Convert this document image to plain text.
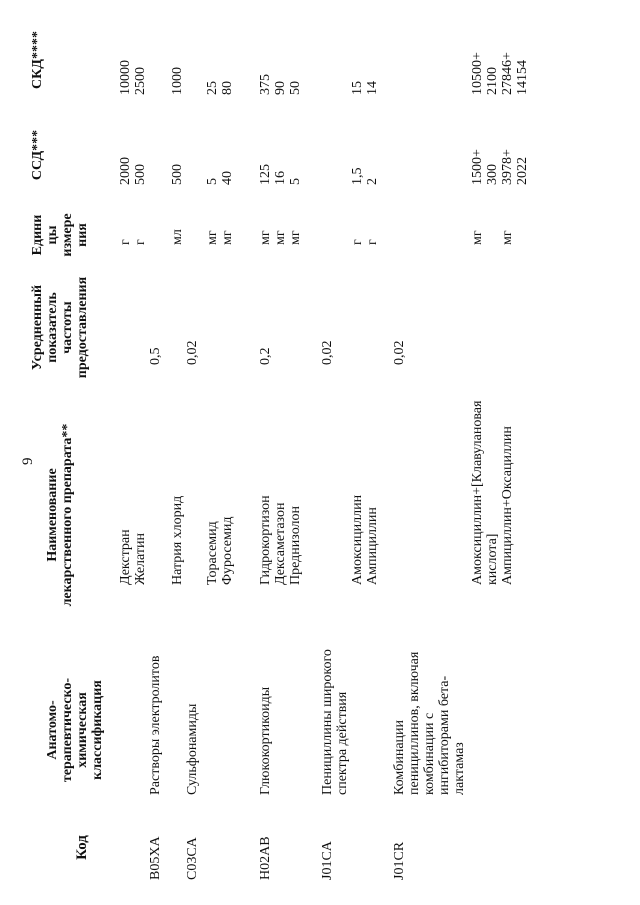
9
Код
Анатомо- терапевтическо- химическая классификация
Наименование лекарственного препарата**
Усредненный показатель частоты предоставления
Едини цы измере ния
ССД***
СКД****
B05XA
Растворы электролитов
Декстран Желатин
0,5
г г
2000 500
10000 2500
C03CA
Сульфонамиды
Натрия хлорид
0,02
мл
500
1000
Торасемид Фуросемид
мг мг
5 40
25 80
H02AB
Глюкокортикоиды
Гидрокортизон Дексаметазон Преднизолон
0,2
мг мг мг
125 16 5
375 90 50
J01CA
Пенициллины широкого спектра действия
Амоксициллин Ампициллин
0,02
г г
1,5 2
15 14
J01CR
Комбинации пенициллинов, включая комбинации с ингибиторами бета- лактамаз
Амоксициллин+[Клавулановая кислота] Ампициллин+Оксациллин
0,02
мг мг
1500+ 300 3978+ 2022
10500+ 2100 27846+ 14154
